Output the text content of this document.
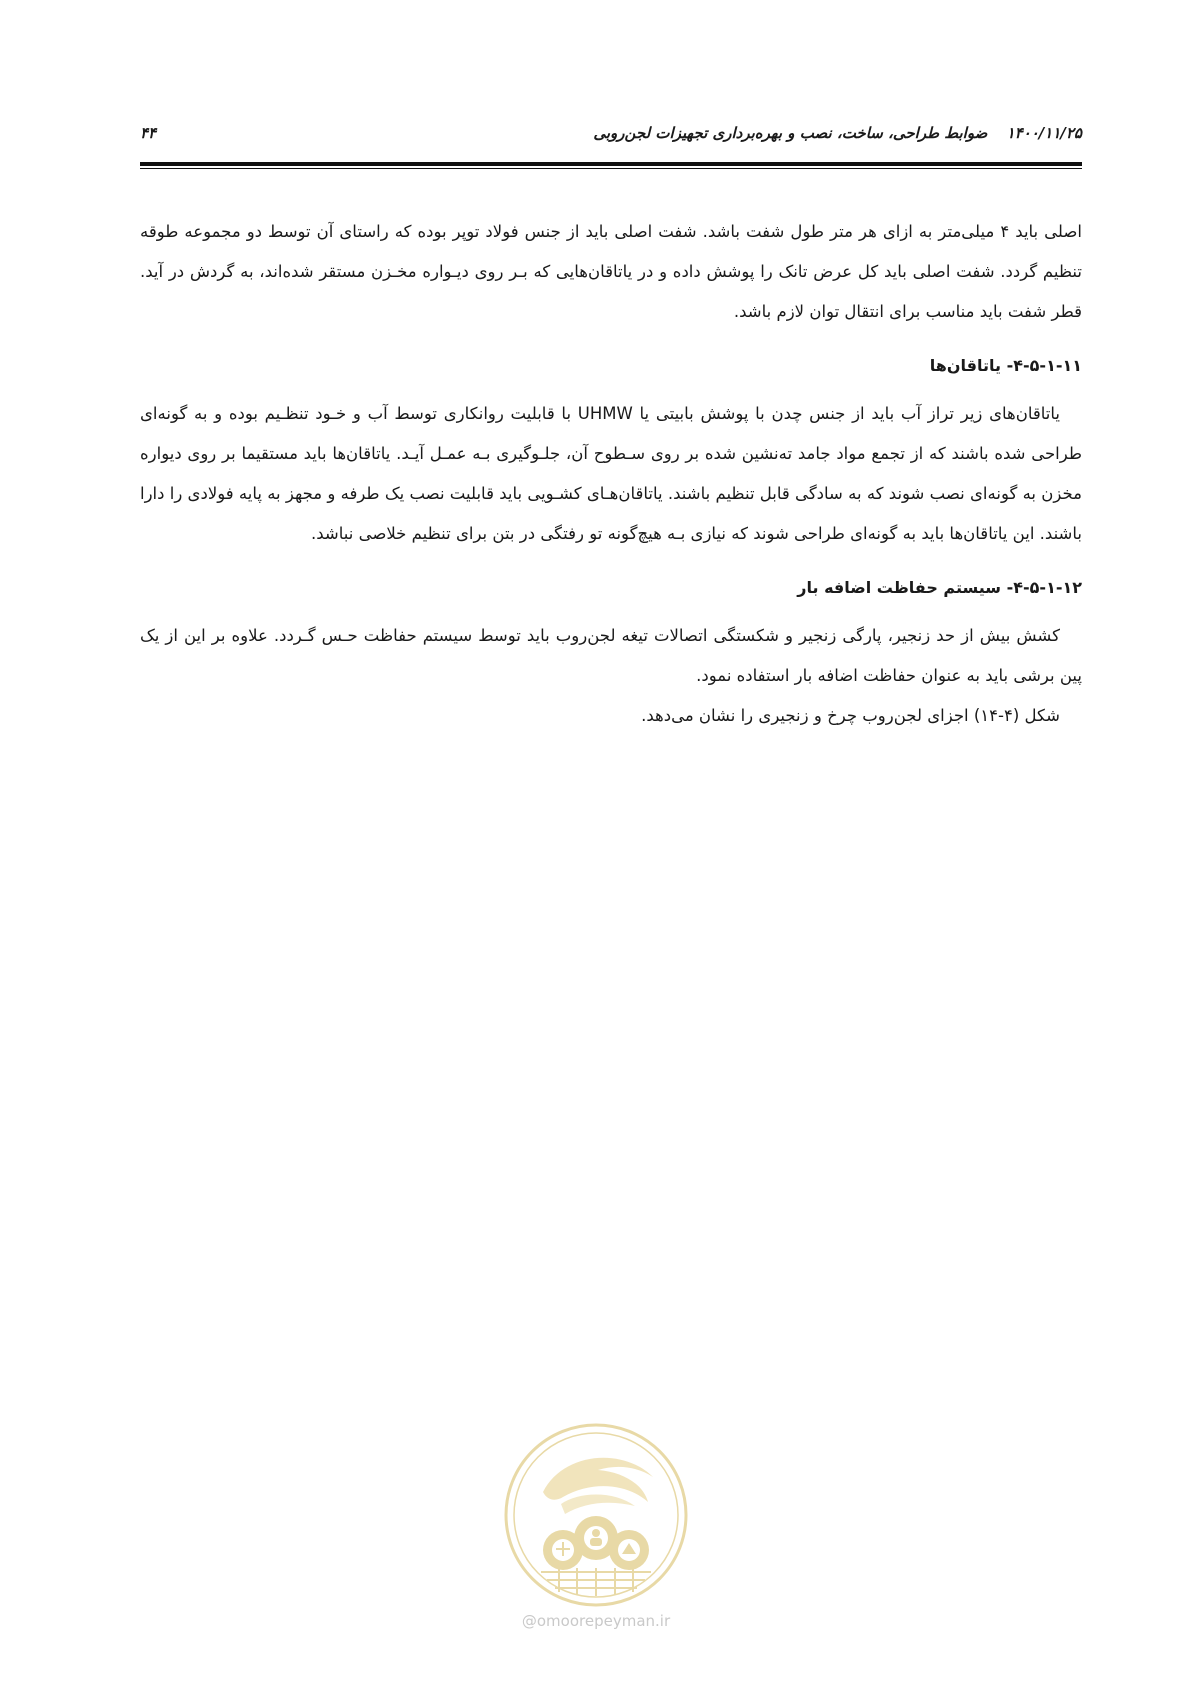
۱۴۰۰/۱۱/۲۵ ضوابط طراحی، ساخت، نصب و بهره‌برداری تجهیزات لجن‌روبی
۴۴

اصلی باید ۴ میلی‌متر به ازای هر متر طول شفت باشد. شفت اصلی باید از جنس فولاد توپر بوده که راستای آن توسط دو مجموعه طوقه تنظیم گردد. شفت اصلی باید کل عرض تانک را پوشش داده و در یاتاقان‌هایی که بـر روی دیـواره مخـزن مستقر شده‌اند، به گردش در آید. قطر شفت باید مناسب برای انتقال توان لازم باشد.

۴-۵-۱-۱۱- یاتاقان‌ها

یاتاقان‌های زیر تراز آب باید از جنس چدن با پوشش بابیتی یا UHMW با قابلیت روانکاری توسط آب و خـود تنظـیم بوده و به گونه‌ای طراحی شده باشند که از تجمع مواد جامد ته‌نشین شده بر روی سـطوح آن، جلـوگیری بـه عمـل آیـد. یاتاقان‌ها باید مستقیما بر روی دیواره مخزن به گونه‌ای نصب شوند که به سادگی قابل تنظیم باشند. یاتاقان‌هـای کشـویی باید قابلیت نصب یک طرفه و مجهز به پایه فولادی را دارا باشند. این یاتاقان‌ها باید به گونه‌ای طراحی شوند که نیازی بـه هیچ‌گونه تو رفتگی در بتن برای تنظیم خلاصی نباشد.

۴-۵-۱-۱۲- سیستم حفاظت اضافه بار

کشش بیش از حد زنجیر، پارگی زنجیر و شکستگی اتصالات تیغه لجن‌روب باید توسط سیستم حفاظت حـس گـردد. علاوه بر این از یک پین برشی باید به عنوان حفاظت اضافه بار استفاده نمود.

شکل (۴-۱۴) اجزای لجن‌روب چرخ و زنجیری را نشان می‌دهد.

@omoorepeyman.ir
